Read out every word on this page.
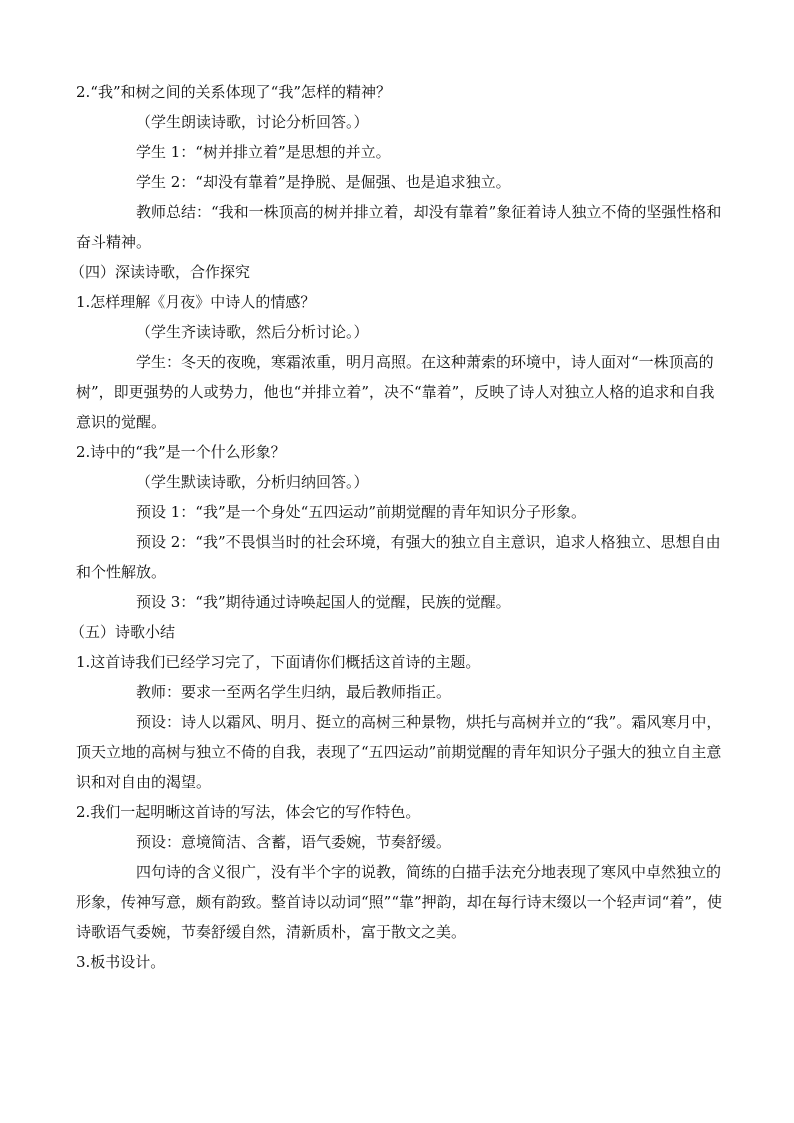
2.“我”和树之间的关系体现了“我”怎样的精神？

（学生朗读诗歌，讨论分析回答。）

学生 1：“树并排立着”是思想的并立。

学生 2：“却没有靠着”是挣脱、是倔强、也是追求独立。

教师总结：“我和一株顶高的树并排立着，却没有靠着”象征着诗人独立不倚的坚强性格和奋斗精神。

（四）深读诗歌，合作探究

1.怎样理解《月夜》中诗人的情感？

（学生齐读诗歌，然后分析讨论。）

学生：冬天的夜晚，寒霜浓重，明月高照。在这种萧索的环境中，诗人面对“一株顶高的树”，即更强势的人或势力，他也“并排立着”，决不“靠着”，反映了诗人对独立人格的追求和自我意识的觉醒。

2.诗中的“我”是一个什么形象？

（学生默读诗歌，分析归纳回答。）

预设 1：“我”是一个身处“五四运动”前期觉醒的青年知识分子形象。

预设 2：“我”不畏惧当时的社会环境，有强大的独立自主意识，追求人格独立、思想自由和个性解放。

预设 3：“我”期待通过诗唤起国人的觉醒，民族的觉醒。

（五）诗歌小结

1.这首诗我们已经学习完了，下面请你们概括这首诗的主题。

教师：要求一至两名学生归纳，最后教师指正。

预设：诗人以霜风、明月、挺立的高树三种景物，烘托与高树并立的“我”。霜风寒月中，顶天立地的高树与独立不倚的自我，表现了“五四运动”前期觉醒的青年知识分子强大的独立自主意识和对自由的渴望。

2.我们一起明晰这首诗的写法，体会它的写作特色。

预设：意境简洁、含蓄，语气委婉，节奏舒缓。

四句诗的含义很广，没有半个字的说教，简练的白描手法充分地表现了寒风中卓然独立的形象，传神写意，颇有韵致。整首诗以动词“照”“靠”押韵，却在每行诗末缀以一个轻声词“着”，使诗歌语气委婉，节奏舒缓自然，清新质朴，富于散文之美。

3.板书设计。
